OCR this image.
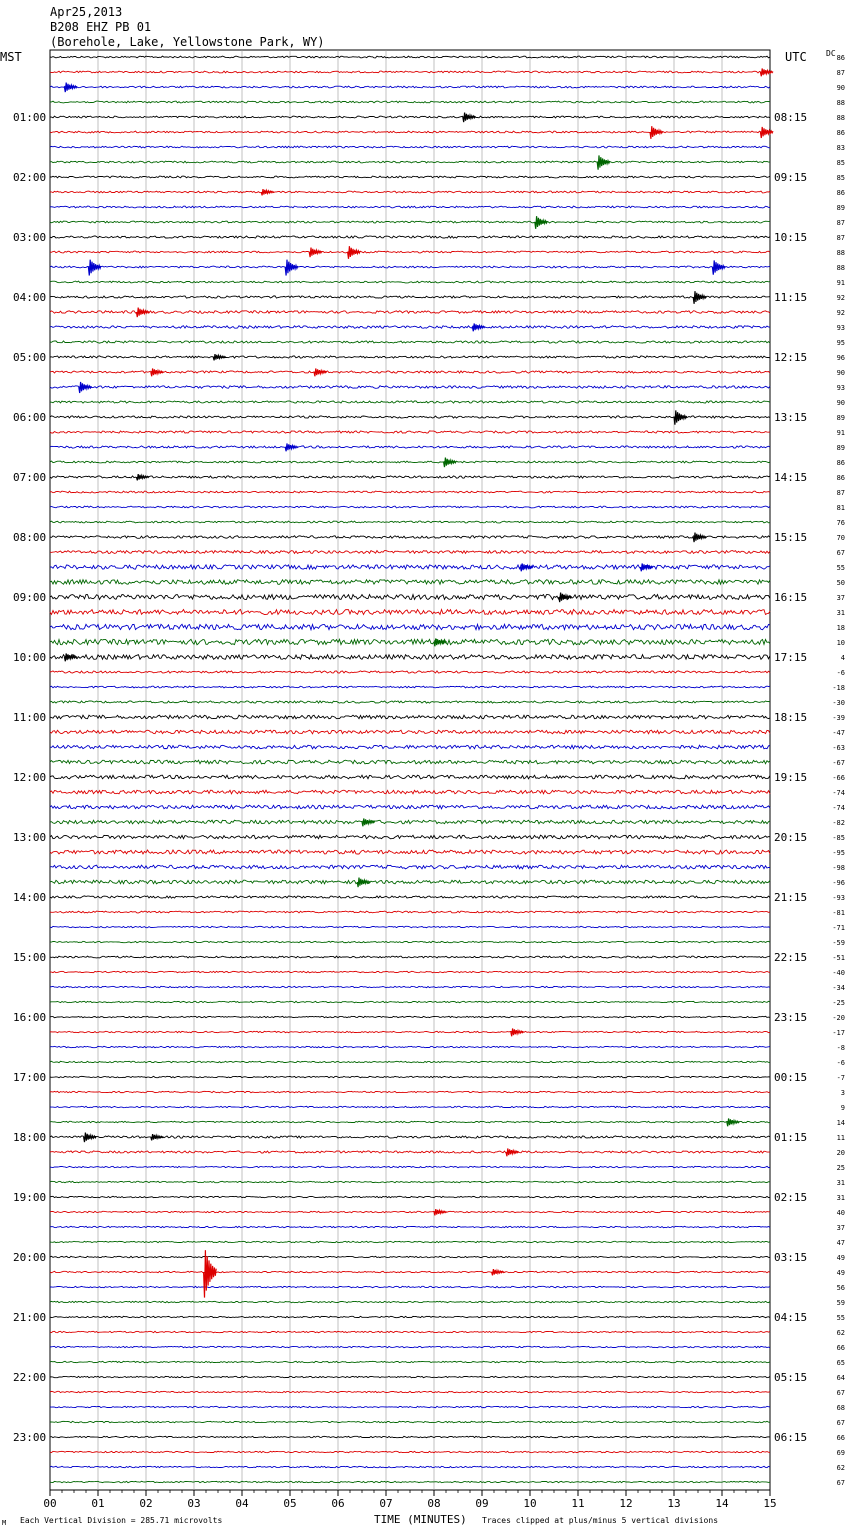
Apr25,2013
B208 EHZ PB 01
(Borehole, Lake, Yellowstone Park, WY)
MST	UTC DC
01:00
02:00
03:00
04:00
05:00
06:00
07:00
08:00
09:00
10:00
11:00
12:00
13:00
14:00
15:00
16:00
17:00
18:00
19:00
20:00
21:00
22:00
23:00
08:15
09:15
10:15
11:15
12:15
13:15
14:15
15:15
16:15
17:15
18:15
19:15
20:15
21:15
22:15
23:15
00:15
01:15
02:15
03:15
04:15
05:15
06:15
86
87
90
88
88
86
83
85
85
86
89
87
87
88
88
91
92
92
93
95
96
90
93
90
89
91
89
86
86
87
81
76
70
67
55
50
37
31
18
10
4
-6
-18
-30
-39
-47
-63
-67
-66
-74
-74
-82
-85
-95
-98
-96
-93
-81
-71
-59
-51
-40
-34
-25
-20
-17
-8
-6
-7
3
9
14
11
20
25
31
31
40
37
47
49
49
56
59
55
62
66
65
64
67
68
67
66
69
62
67
00	01	02	03	04	05	06	07	08	09	10	11	12	13	14	15
M Each Vertical Division = 285.71 microvolts	TIME (MINUTES) Traces clipped at plus/minus 5 vertical divisions
